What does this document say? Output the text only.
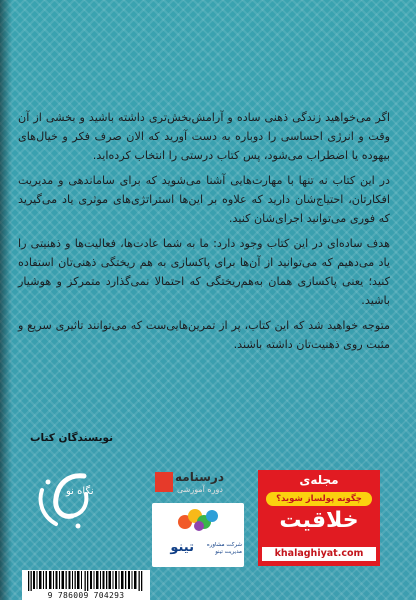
اگر می‌خواهید زندگی ذهنی ساده و آرامش‌بخش‌تری داشته باشید و بخشی از آن وقت و انرژی احساسی را دوباره به دست آورید که الان صرف فکر و خیال‌های بیهوده یا اضطراب می‌شود، پس کتاب درستی را انتخاب کرده‌اید.

در این کتاب نه تنها با مهارت‌هایی آشنا می‌شوید که برای ساماندهی و مدیریت افکارتان، احتیاج‌شان دارید که علاوه بر این‌ها استراتژی‌های موثری یاد می‌گیرید که فوری می‌توانید اجرای‌شان کنید.

هدف ساده‌ای در این کتاب وجود دارد: ما به شما عادت‌ها، فعالیت‌ها و ذهنیتی را یاد می‌دهیم که می‌توانید از آن‌ها برای پاکسازی به‌ هم‌ ریختگی ذهنی‌تان استفاده کنید؛ یعنی پاکسازی همان به‌هم‌ریختگی که احتمالا نمی‌گذارد متمرکز و هوشیار باشید.

متوجه خواهید شد که این کتاب، پر از تمرین‌هایی‌ست که می‌توانند تاثیری سریع و مثبت روی ذهنیت‌تان داشته باشند.

نویسندگان کتاب
نگاه نو
درسنامه
دوره آموزشی
تینو	شرکت مشاوره مدیریت تینو
مجله‌ی
چگونه پولساز شوید؟
خلاقیت
khalaghiyat.com
9 786009 704293
